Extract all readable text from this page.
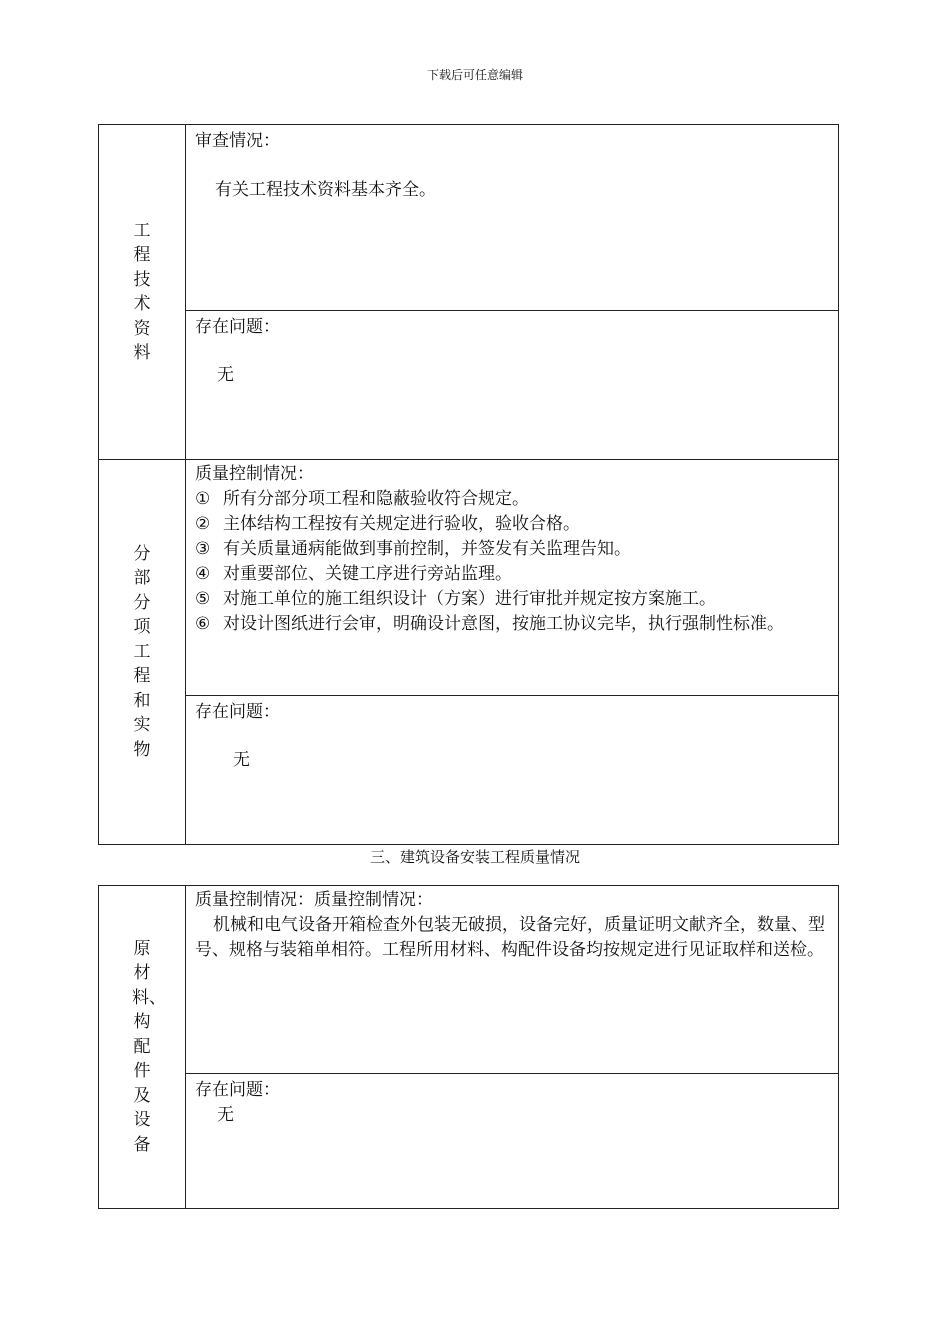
下载后可任意编辑
工程技术资料
审查情况：
有关工程技术资料基本齐全。
存在问题：
无
分部分项工程和实物
质量控制情况：
① 所有分部分项工程和隐蔽验收符合规定。
② 主体结构工程按有关规定进行验收，验收合格。
③ 有关质量通病能做到事前控制，并签发有关监理告知。
④ 对重要部位、关键工序进行旁站监理。
⑤ 对施工单位的施工组织设计（方案）进行审批并规定按方案施工。
⑥ 对设计图纸进行会审，明确设计意图，按施工协议完毕，执行强制性标准。
存在问题：
无
三、建筑设备安装工程质量情况
原材料、构配件及设备
质量控制情况：质量控制情况：
机械和电气设备开箱检查外包装无破损，设备完好，质量证明文献齐全，数量、型号、规格与装箱单相符。工程所用材料、构配件设备均按规定进行见证取样和送检。
存在问题：
无
